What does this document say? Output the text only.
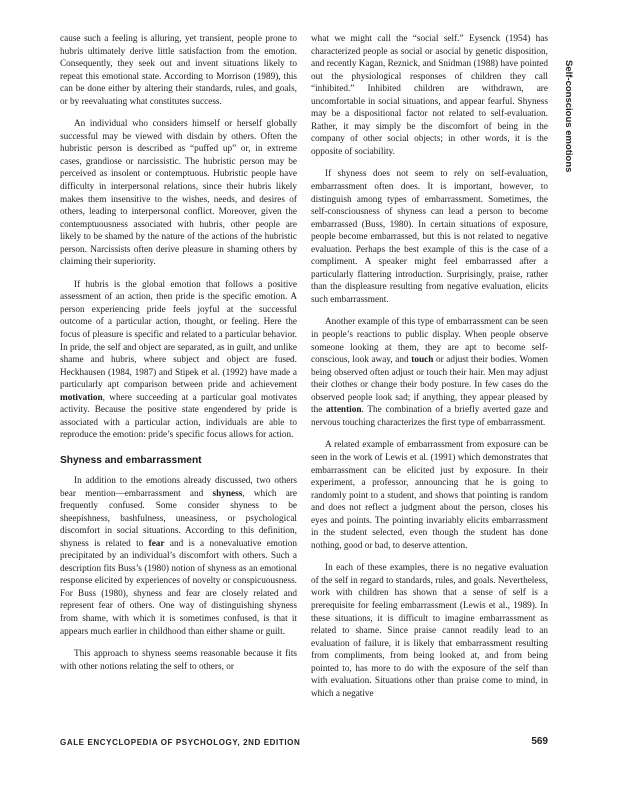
cause such a feeling is alluring, yet transient, people prone to hubris ultimately derive little satisfaction from the emotion. Consequently, they seek out and invent situations likely to repeat this emotional state. According to Morrison (1989), this can be done either by altering their standards, rules, and goals, or by reevaluating what constitutes success.

An individual who considers himself or herself globally successful may be viewed with disdain by others. Often the hubristic person is described as “puffed up” or, in extreme cases, grandiose or narcissistic. The hubristic person may be perceived as insolent or contemptuous. Hubristic people have difficulty in interpersonal relations, since their hubris likely makes them insensitive to the wishes, needs, and desires of others, leading to interpersonal conflict. Moreover, given the contemptuousness associated with hubris, other people are likely to be shamed by the nature of the actions of the hubristic person. Narcissists often derive pleasure in shaming others by claiming their superiority.

If hubris is the global emotion that follows a positive assessment of an action, then pride is the specific emotion. A person experiencing pride feels joyful at the successful outcome of a particular action, thought, or feeling. Here the focus of pleasure is specific and related to a particular behavior. In pride, the self and object are separated, as in guilt, and unlike shame and hubris, where subject and object are fused. Heckhausen (1984, 1987) and Stipek et al. (1992) have made a particularly apt comparison between pride and achievement motivation, where succeeding at a particular goal motivates activity. Because the positive state engendered by pride is associated with a particular action, individuals are able to reproduce the emotion: pride’s specific focus allows for action.

Shyness and embarrassment

In addition to the emotions already discussed, two others bear mention—embarrassment and shyness, which are frequently confused. Some consider shyness to be sheepishness, bashfulness, uneasiness, or psychological discomfort in social situations. According to this definition, shyness is related to fear and is a nonevaluative emotion precipitated by an individual’s discomfort with others. Such a description fits Buss’s (1980) notion of shyness as an emotional response elicited by experiences of novelty or conspicuousness. For Buss (1980), shyness and fear are closely related and represent fear of others. One way of distinguishing shyness from shame, with which it is sometimes confused, is that it appears much earlier in childhood than either shame or guilt.

This approach to shyness seems reasonable because it fits with other notions relating the self to others, or

what we might call the “social self.” Eysenck (1954) has characterized people as social or asocial by genetic disposition, and recently Kagan, Reznick, and Snidman (1988) have pointed out the physiological responses of children they call “inhibited.” Inhibited children are withdrawn, are uncomfortable in social situations, and appear fearful. Shyness may be a dispositional factor not related to self-evaluation. Rather, it may simply be the discomfort of being in the company of other social objects; in other words, it is the opposite of sociability.

If shyness does not seem to rely on self-evaluation, embarrassment often does. It is important, however, to distinguish among types of embarrassment. Sometimes, the self-consciousness of shyness can lead a person to become embarrassed (Buss, 1980). In certain situations of exposure, people become embarrassed, but this is not related to negative evaluation. Perhaps the best example of this is the case of a compliment. A speaker might feel embarrassed after a particularly flattering introduction. Surprisingly, praise, rather than the displeasure resulting from negative evaluation, elicits such embarrassment.

Another example of this type of embarrassment can be seen in people’s reactions to public display. When people observe someone looking at them, they are apt to become self-conscious, look away, and touch or adjust their bodies. Women being observed often adjust or touch their hair. Men may adjust their clothes or change their body posture. In few cases do the observed people look sad; if anything, they appear pleased by the attention. The combination of a briefly averted gaze and nervous touching characterizes the first type of embarrassment.

A related example of embarrassment from exposure can be seen in the work of Lewis et al. (1991) which demonstrates that embarrassment can be elicited just by exposure. In their experiment, a professor, announcing that he is going to randomly point to a student, and shows that pointing is random and does not reflect a judgment about the person, closes his eyes and points. The pointing invariably elicits embarrassment in the student selected, even though the student has done nothing, good or bad, to deserve attention.

In each of these examples, there is no negative evaluation of the self in regard to standards, rules, and goals. Nevertheless, work with children has shown that a sense of self is a prerequisite for feeling embarrassment (Lewis et al., 1989). In these situations, it is difficult to imagine embarrassment as related to shame. Since praise cannot readily lead to an evaluation of failure, it is likely that embarrassment resulting from compliments, from being looked at, and from being pointed to, has more to do with the exposure of the self than with evaluation. Situations other than praise come to mind, in which a negative

Self-conscious emotions
GALE ENCYCLOPEDIA OF PSYCHOLOGY, 2ND EDITION	569
